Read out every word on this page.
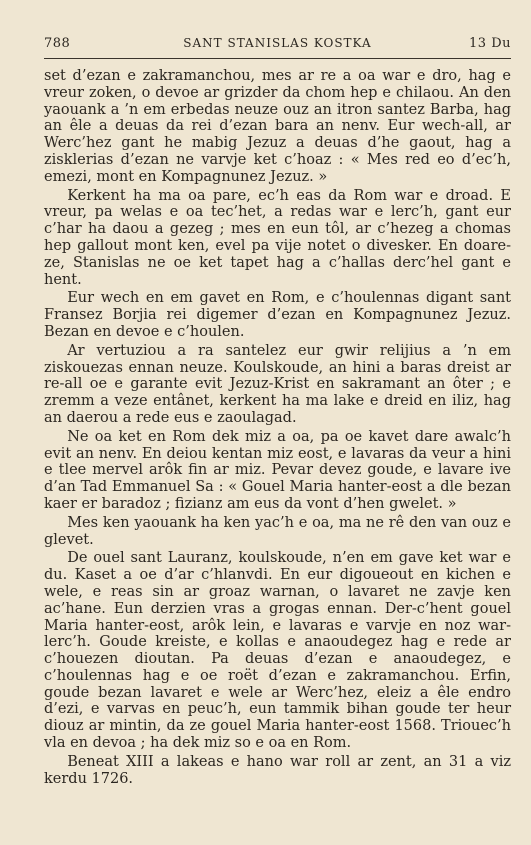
788	SANT STANISLAS KOSTKA	13 Du

set d’ezan e zakramanchou, mes ar re a oa war e dro, hag e vreur zoken, o devoe ar grizder da chom hep e chilaou. An den yaouank a ’n em erbedas neuze ouz an itron santez Barba, hag an êle a deuas da rei d’ezan bara an nenv. Eur wech-all, ar Werc’hez gant he mabig Jezuz a deuas d’he gaout, hag a zisklerias d’ezan ne varvje ket c’hoaz : « Mes red eo d’ec’h, emezi, mont en Kompagnunez Jezuz. »

Kerkent ha ma oa pare, ec’h eas da Rom war e droad. E vreur, pa welas e oa tec’het, a redas war e lerc’h, gant eur c’har ha daou a gezeg ; mes en eun tôl, ar c’hezeg a chomas hep gallout mont ken, evel pa vije notet o divesker. En doare-ze, Stanislas ne oe ket tapet hag a c’hallas derc’hel gant e hent.

Eur wech en em gavet en Rom, e c’houlennas digant sant Fransez Borjia rei digemer d’ezan en Kompagnunez Jezuz. Bezan en devoe e c’houlen.

Ar vertuziou a ra santelez eur gwir relijius a ’n em ziskouezas ennan neuze. Koulskoude, an hini a baras dreist ar re-all oe e garante evit Jezuz-Krist en sakramant an ôter ; e zremm a veze entânet, kerkent ha ma lake e dreid en iliz, hag an daerou a rede eus e zaoulagad.

Ne oa ket en Rom dek miz a oa, pa oe kavet dare awalc’h evit an nenv. En deiou kentan miz eost, e lavaras da veur a hini e tlee mervel arôk fin ar miz. Pevar devez goude, e lavare ive d’an Tad Emmanuel Sa : « Gouel Maria hanter-eost a dle bezan kaer er baradoz ; fizianz am eus da vont d’hen gwelet. »

Mes ken yaouank ha ken yac’h e oa, ma ne rê den van ouz e glevet.

De ouel sant Lauranz, koulskoude, n’en em gave ket war e du. Kaset a oe d’ar c’hlanvdi. En eur digoueout en kichen e wele, e reas sin ar groaz warnan, o lavaret ne zavje ken ac’hane. Eun derzien vras a grogas ennan. Der-c’hent gouel Maria hanter-eost, arôk lein, e lavaras e varvje en noz war-lerc’h. Goude kreiste, e kollas e anaoudegez hag e rede ar c’houezen dioutan. Pa deuas d’ezan e anaoudegez, e c’houlennas hag e oe roët d’ezan e zakramanchou. Erfin, goude bezan lavaret e wele ar Werc’hez, eleiz a êle endro d’ezi, e varvas en peuc’h, eun tammik bihan goude ter heur diouz ar mintin, da ze gouel Maria hanter-eost 1568. Triouec’h vla en devoa ; ha dek miz so e oa en Rom.

Beneat XIII a lakeas e hano war roll ar zent, an 31 a viz kerdu 1726.
